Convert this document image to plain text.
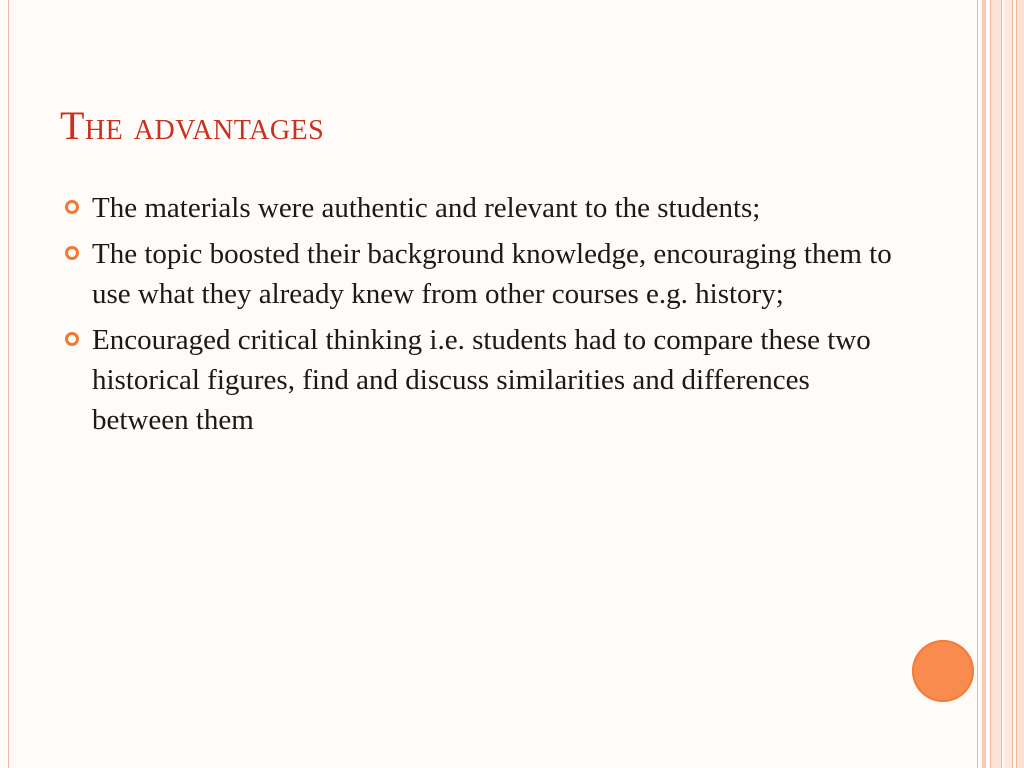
The advantages
The materials were authentic and relevant to the students;
The topic boosted their background knowledge, encouraging them to use what they already knew from other courses e.g. history;
Encouraged critical thinking i.e. students had to compare these two historical figures, find and discuss similarities and differences between them
